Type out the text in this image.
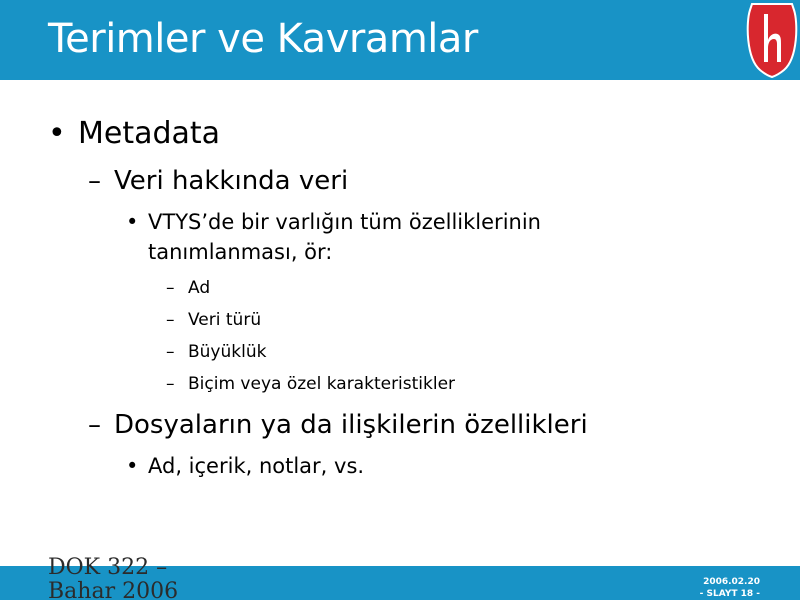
Terimler ve Kavramlar
• Metadata
– Veri hakkında veri
• VTYS’de bir varlığın tüm özelliklerinin
tanımlanması, ör:
– Ad
– Veri türü
– Büyüklük
– Biçim veya özel karakteristikler
– Dosyaların ya da ilişkilerin özellikleri
• Ad, içerik, notlar, vs.
DOK 322 –
Bahar 2006	2006.02.20
- SLAYT 18 -
